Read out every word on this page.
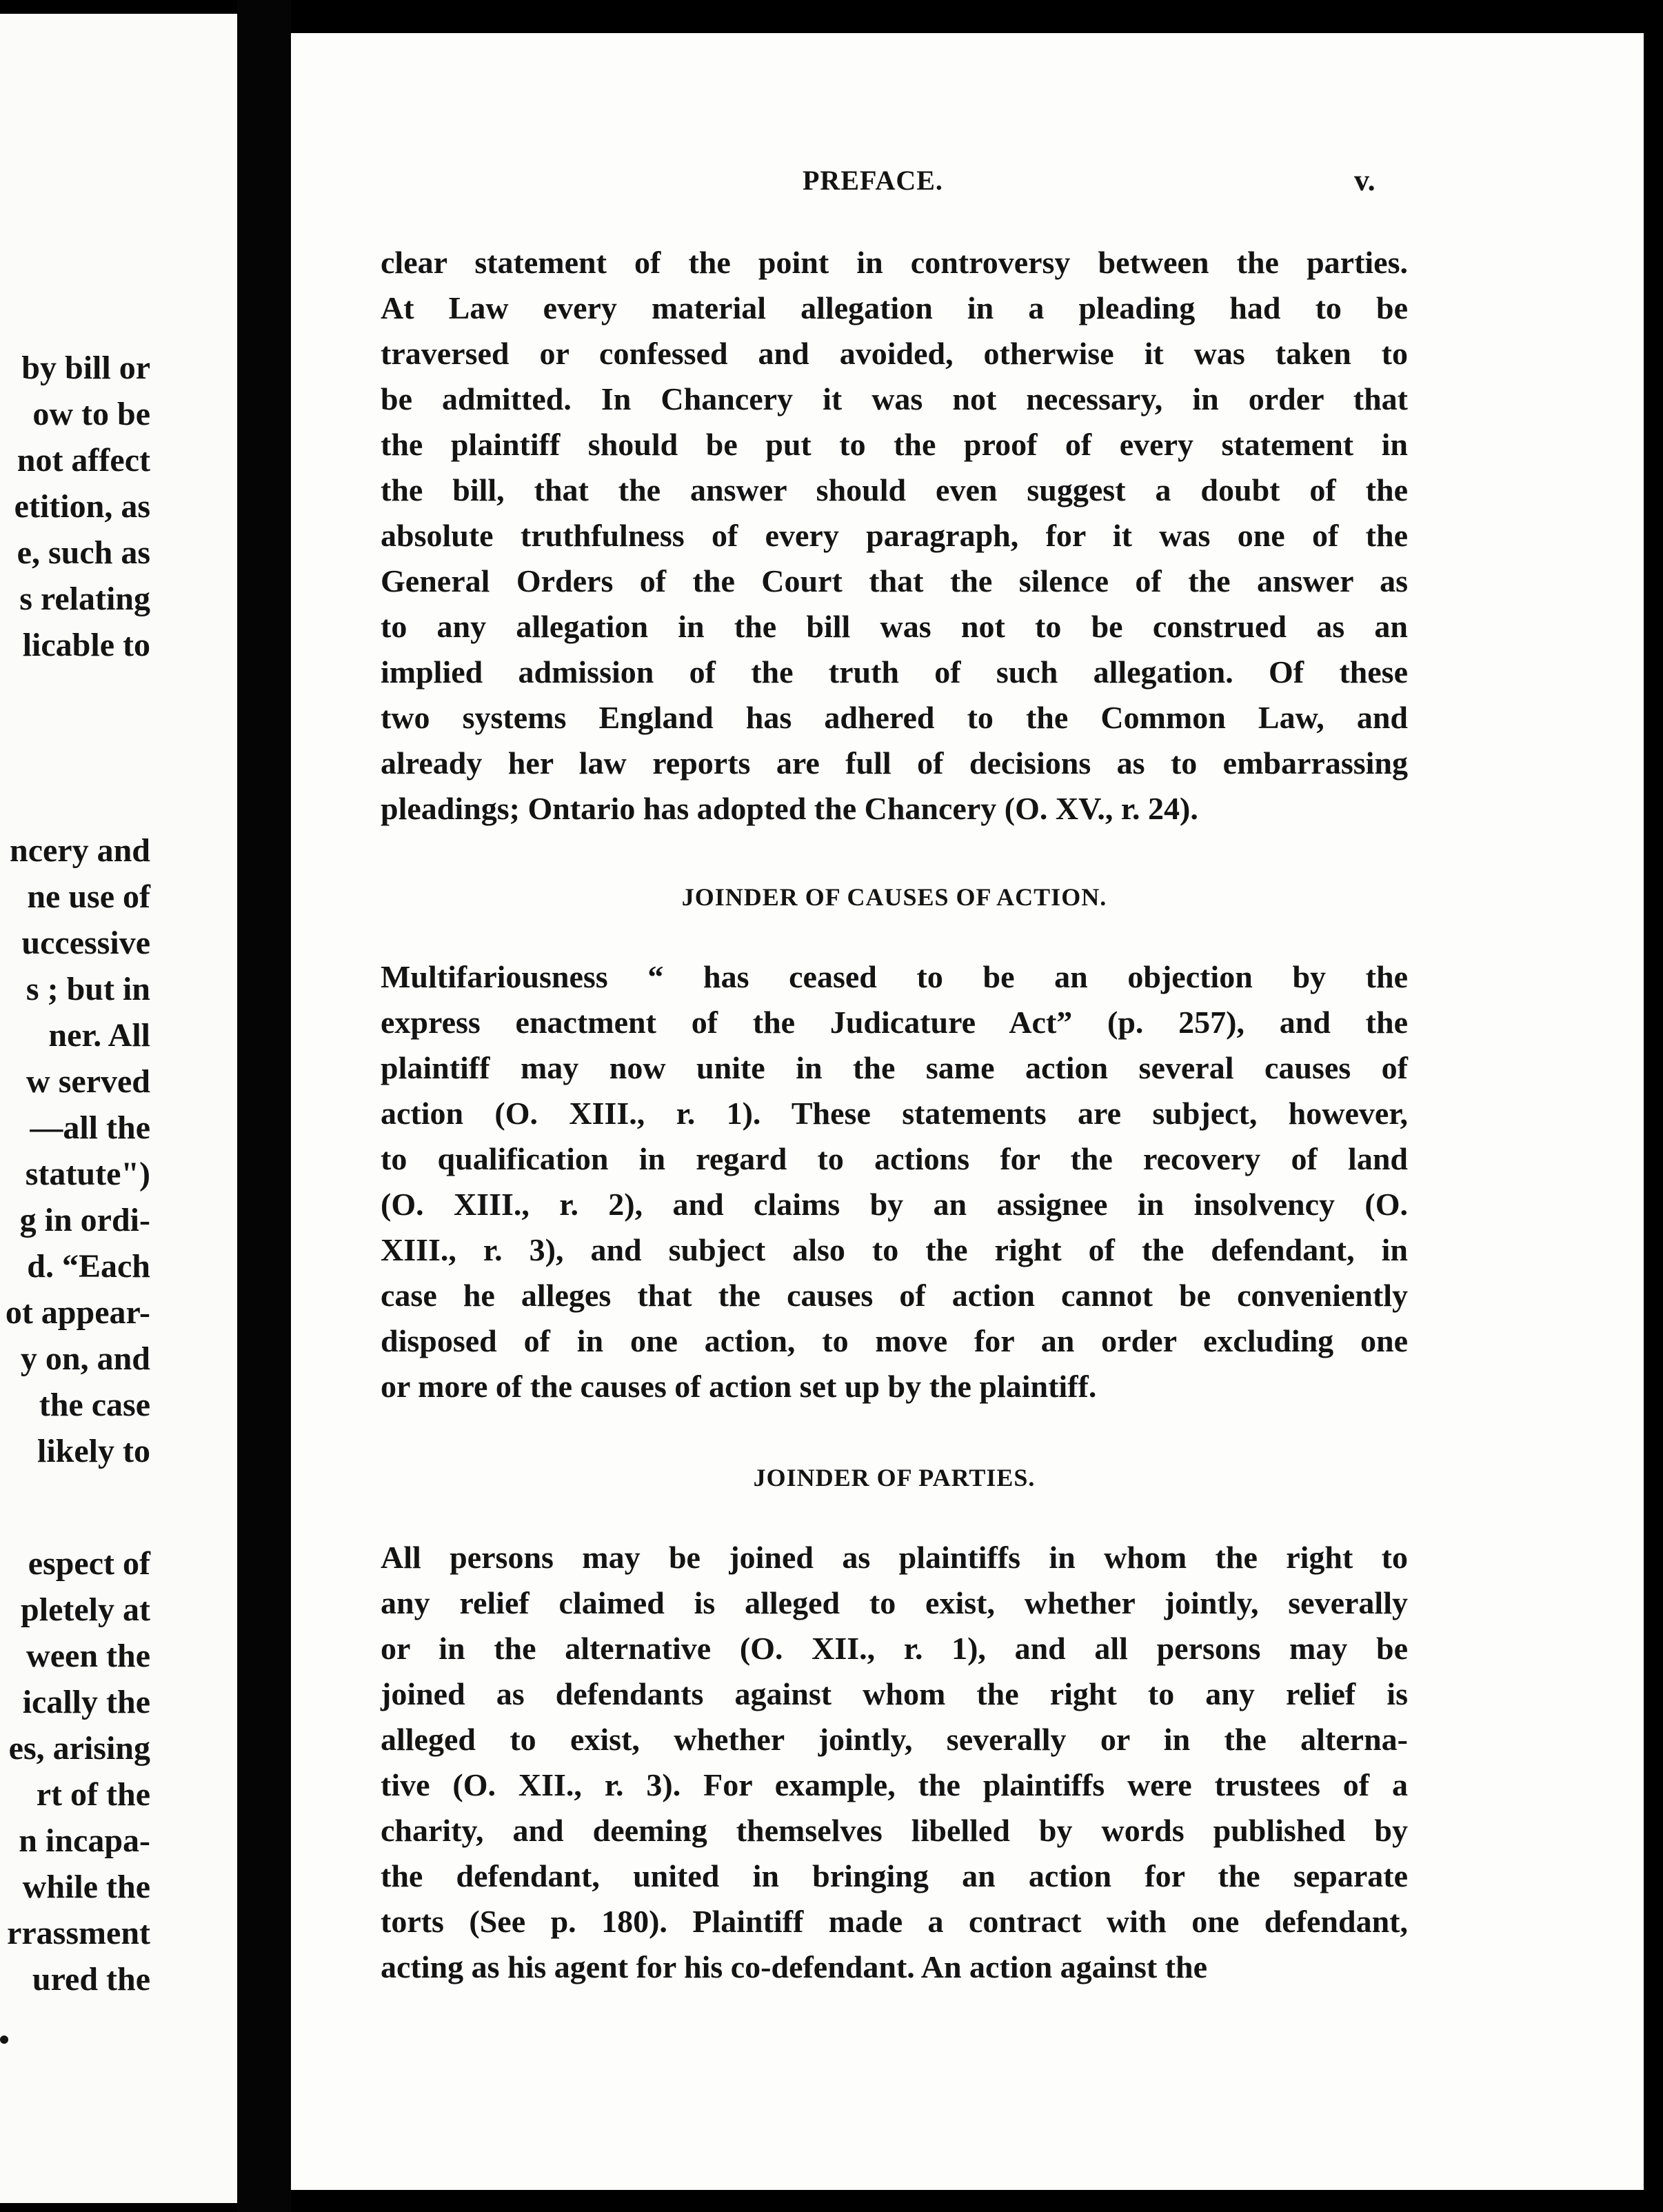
by bill or
ow to be
not affect
etition, as
e, such as
s relating
licable to
ncery and
ne use of
uccessive
s ; but in
ner. All
w served
—all the
statute")
g in ordi-
d. “Each
ot appear-
y on, and
the case
likely to
espect of
pletely at
ween the
ically the
es, arising
rt of the
n incapa-
while the
rrassment
ured the
PREFACE.	v.
clear statement of the point in controversy between the parties.
At Law every material allegation in a pleading had to be
traversed or confessed and avoided, otherwise it was taken to
be admitted. In Chancery it was not necessary, in order that
the plaintiff should be put to the proof of every statement in
the bill, that the answer should even suggest a doubt of the
absolute truthfulness of every paragraph, for it was one of the
General Orders of the Court that the silence of the answer as
to any allegation in the bill was not to be construed as an
implied admission of the truth of such allegation. Of these
two systems England has adhered to the Common Law, and
already her law reports are full of decisions as to embarrassing
pleadings; Ontario has adopted the Chancery (O. XV., r. 24).
JOINDER OF CAUSES OF ACTION.
Multifariousness “ has ceased to be an objection by the
express enactment of the Judicature Act” (p. 257), and the
plaintiff may now unite in the same action several causes of
action (O. XIII., r. 1). These statements are subject, however,
to qualification in regard to actions for the recovery of land
(O. XIII., r. 2), and claims by an assignee in insolvency (O.
XIII., r. 3), and subject also to the right of the defendant, in
case he alleges that the causes of action cannot be conveniently
disposed of in one action, to move for an order excluding one
or more of the causes of action set up by the plaintiff.
JOINDER OF PARTIES.
All persons may be joined as plaintiffs in whom the right to
any relief claimed is alleged to exist, whether jointly, severally
or in the alternative (O. XII., r. 1), and all persons may be
joined as defendants against whom the right to any relief is
alleged to exist, whether jointly, severally or in the alterna-
tive (O. XII., r. 3). For example, the plaintiffs were trustees of a
charity, and deeming themselves libelled by words published by
the defendant, united in bringing an action for the separate
torts (See p. 180). Plaintiff made a contract with one defendant,
acting as his agent for his co-defendant. An action against the
